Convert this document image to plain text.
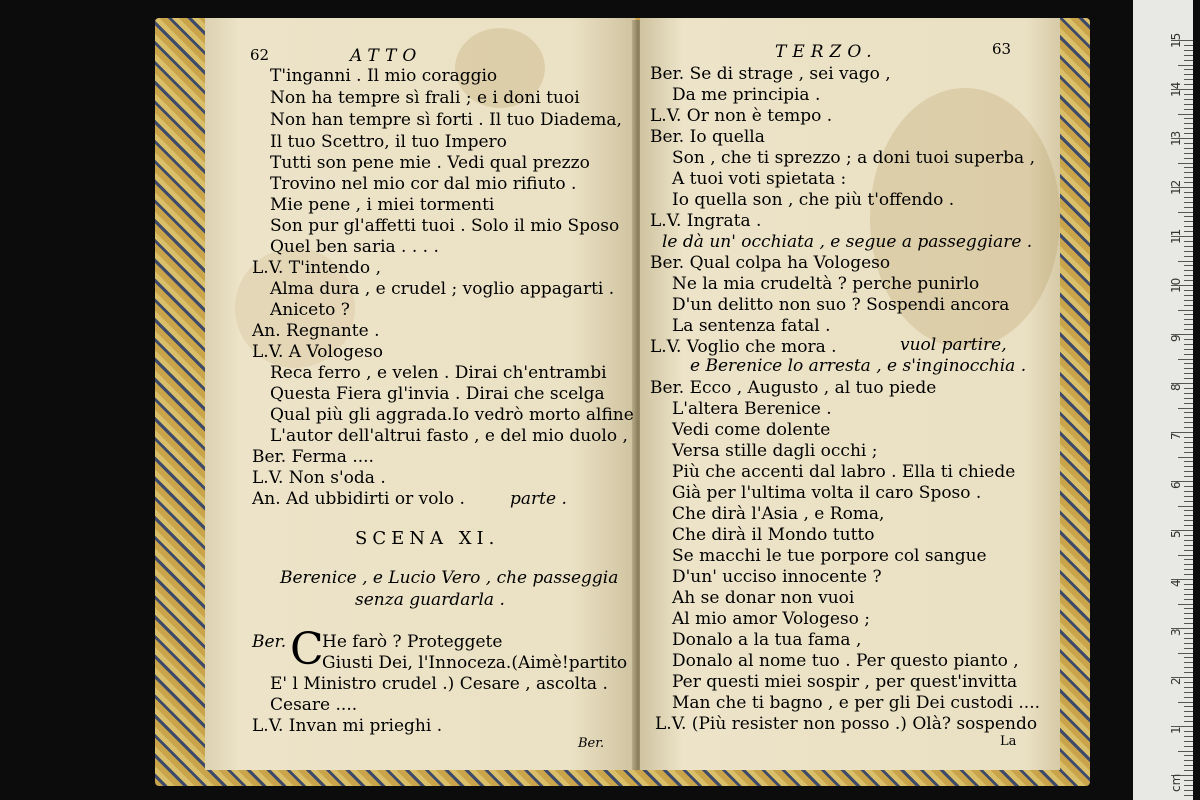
62	ATTO
T'inganni . Il mio coraggio
Non ha tempre sì frali ; e i doni tuoi
Non han tempre sì forti . Il tuo Diadema,
Il tuo Scettro, il tuo Impero
Tutti son pene mie . Vedi qual prezzo
Trovino nel mio cor dal mio rifiuto .
Mie pene , i miei tormenti
Son pur gl'affetti tuoi . Solo il mio Sposo
Quel ben saria . . . .
L.V. T'intendo ,
Alma dura , e crudel ; voglio appagarti .
Aniceto ?
An. Regnante .
L.V. A Vologeso
Reca ferro , e velen . Dirai ch'entrambi
Questa Fiera gl'invia . Dirai che scelga
Qual più gli aggrada.Io vedrò morto alfine
L'autor dell'altrui fasto , e del mio duolo ,
Ber. Ferma ....
L.V. Non s'oda .
An. Ad ubbidirti or volo .	parte .
SCENA XI.
Berenice , e Lucio Vero , che passeggia
senza guardarla .
Ber. C
He farò ? Proteggete
Giusti Dei, l'Innoceza.(Aimè!partito
E' l Ministro crudel .) Cesare , ascolta .
Cesare ....
L.V. Invan mi prieghi .
Ber.
TERZO.	63
Ber. Se di strage , sei vago ,
Da me principia .
L.V. Or non è tempo .
Ber. Io quella
Son , che ti sprezzo ; a doni tuoi superba ,
A tuoi voti spietata :
Io quella son , che più t'offendo .
L.V. Ingrata .
le dà un' occhiata , e segue a passeggiare .
Ber. Qual colpa ha Vologeso
Ne la mia crudeltà ? perche punirlo
D'un delitto non suo ? Sospendi ancora
La sentenza fatal .
L.V. Voglio che mora .	vuol partire,
e Berenice lo arresta , e s'inginocchia .
Ber. Ecco , Augusto , al tuo piede
L'altera Berenice .
Vedi come dolente
Versa stille dagli occhi ;
Più che accenti dal labro . Ella ti chiede
Già per l'ultima volta il caro Sposo .
Che dirà l'Asia , e Roma,
Che dirà il Mondo tutto
Se macchi le tue porpore col sangue
D'un' ucciso innocente ?
Ah se donar non vuoi
Al mio amor Vologeso ;
Donalo a la tua fama ,
Donalo al nome tuo . Per questo pianto ,
Per questi miei sospir , per quest'invitta
Man che ti bagno , e per gli Dei custodi ....
L.V. (Più resister non posso .) Olà? sospendo
La
15
14
13
12
11
10
9
8
7
6
5
4
3
2
1
cm
